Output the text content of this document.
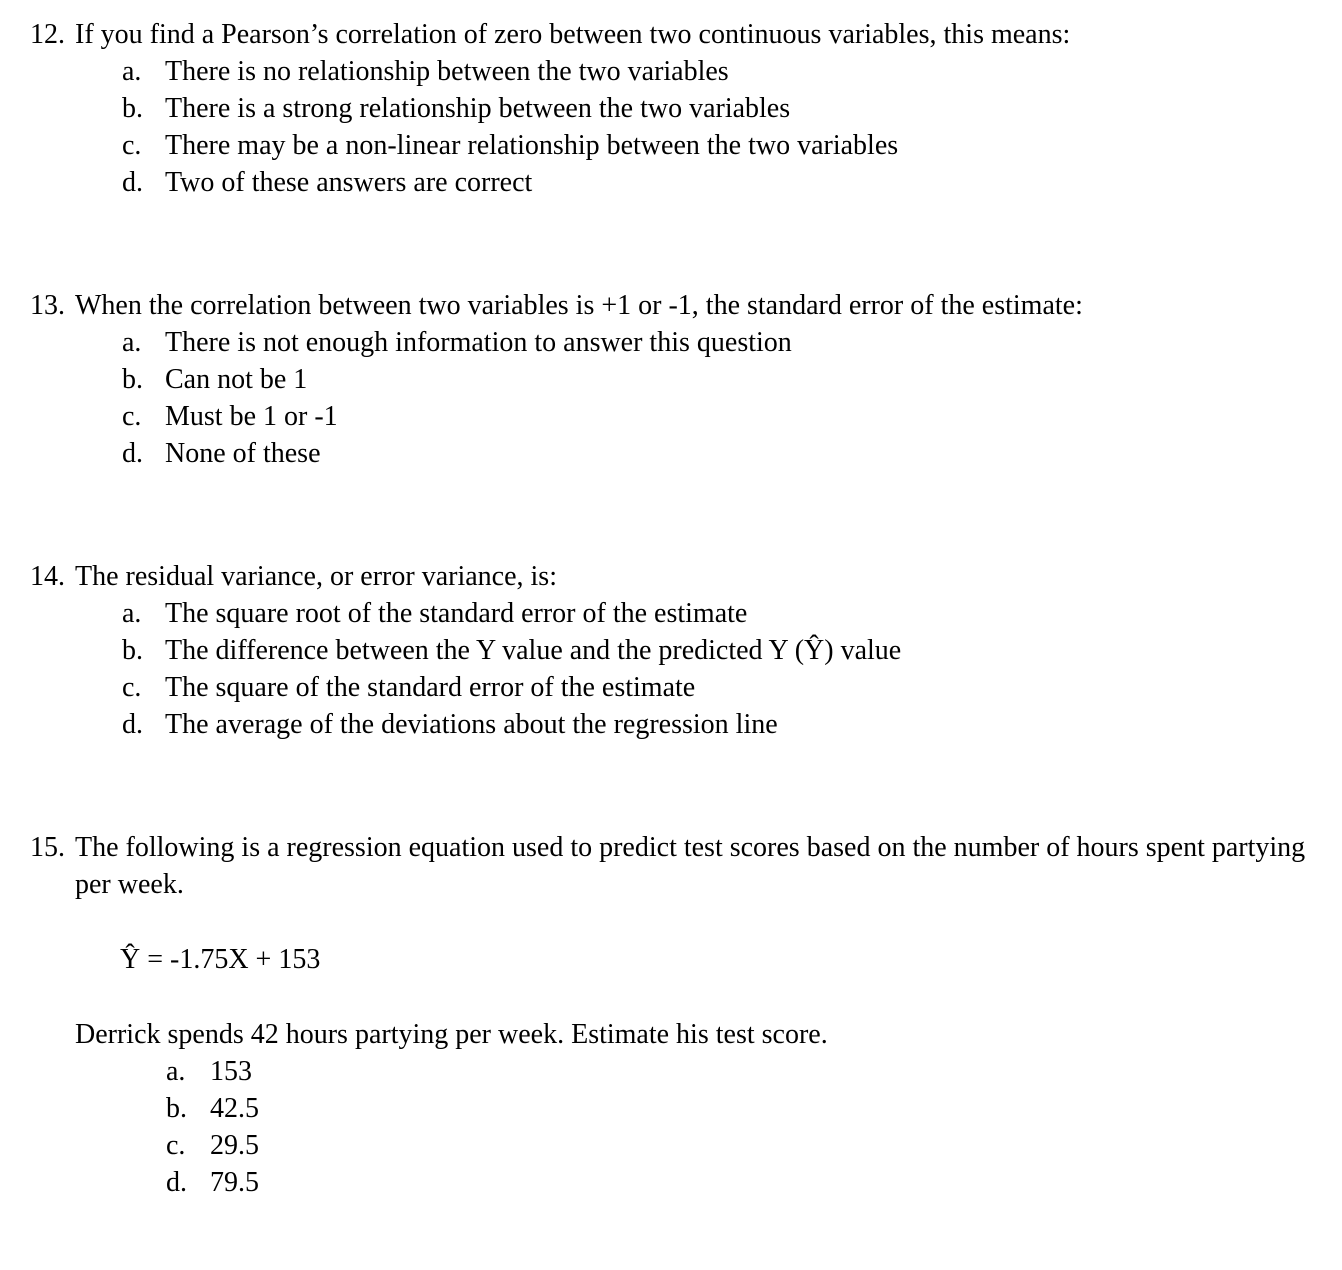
12. If you find a Pearson’s correlation of zero between two continuous variables, this means:
a. There is no relationship between the two variables
b. There is a strong relationship between the two variables
c. There may be a non-linear relationship between the two variables
d. Two of these answers are correct
13. When the correlation between two variables is +1 or -1, the standard error of the estimate:
a. There is not enough information to answer this question
b. Can not be 1
c. Must be 1 or -1
d. None of these
14. The residual variance, or error variance, is:
a. The square root of the standard error of the estimate
b. The difference between the Y value and the predicted Y (Ŷ) value
c. The square of the standard error of the estimate
d. The average of the deviations about the regression line
15. The following is a regression equation used to predict test scores based on the number of hours spent partying per week.
Ŷ = -1.75X + 153
Derrick spends 42 hours partying per week. Estimate his test score.
a. 153
b. 42.5
c. 29.5
d. 79.5
